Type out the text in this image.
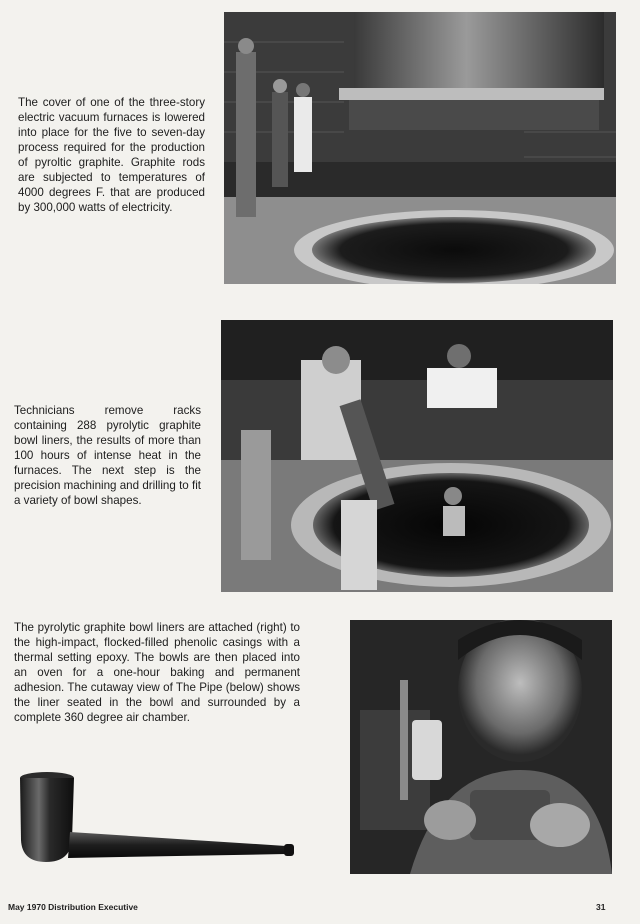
The cover of one of the three-story electric vacuum furnaces is lowered into place for the five to seven-day process required for the production of pyroltic graphite. Graphite rods are subjected to temperatures of 4000 degrees F. that are produced by 300,000 watts of electricity.

Technicians remove racks containing 288 pyrolytic graphite bowl liners, the results of more than 100 hours of intense heat in the furnaces. The next step is the precision machining and drilling to fit a variety of bowl shapes.

The pyrolytic graphite bowl liners are attached (right) to the high-impact, flocked-filled phenolic casings with a thermal setting epoxy. The bowls are then placed into an oven for a one-hour baking and permanent adhesion. The cutaway view of The Pipe (below) shows the liner seated in the bowl and surrounded by a complete 360 degree air chamber.

May 1970 Distribution Executive	31
